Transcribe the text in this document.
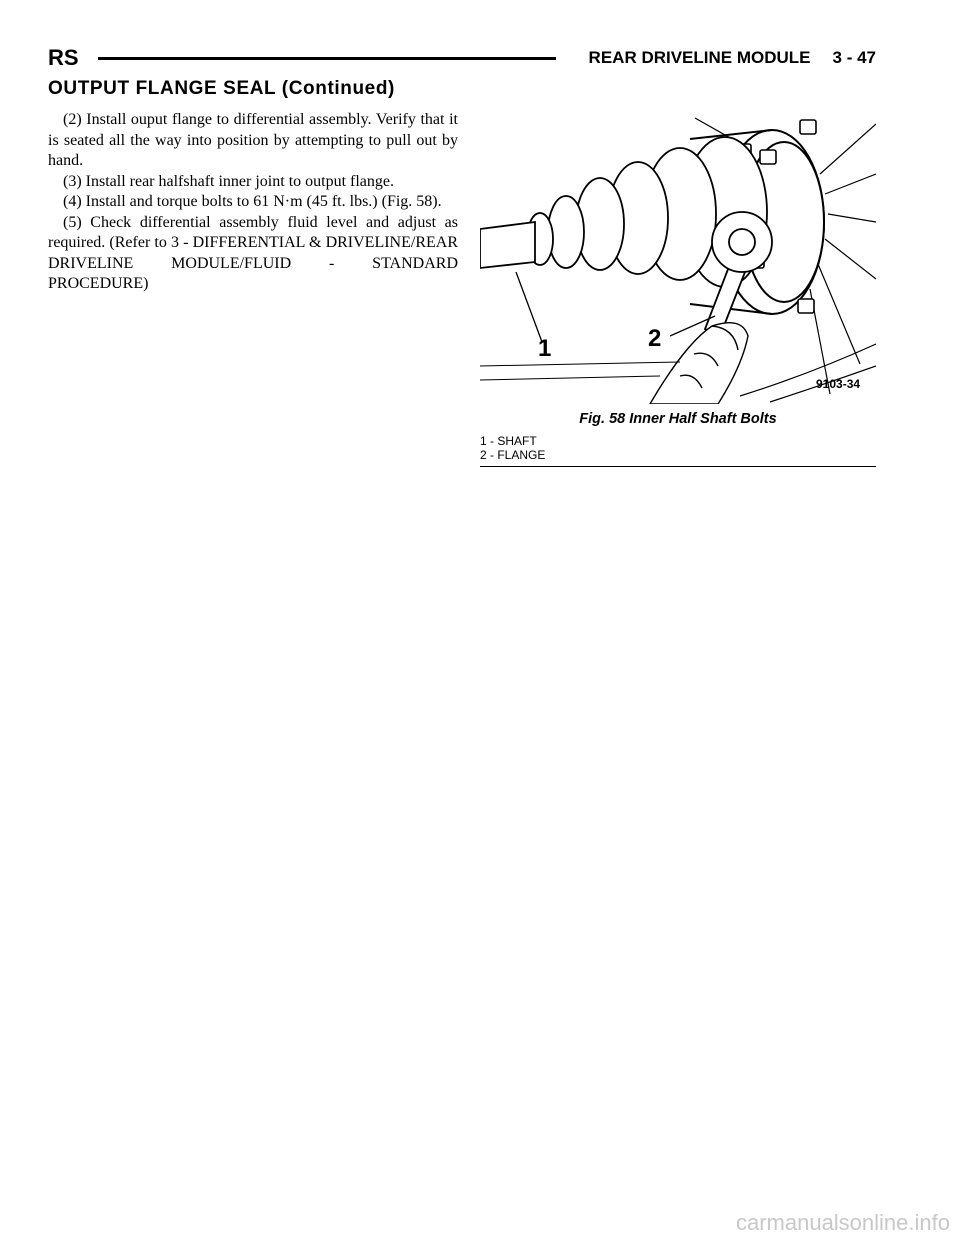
RS	REAR DRIVELINE MODULE 3 - 47
OUTPUT FLANGE SEAL (Continued)

(2) Install ouput flange to differential assembly. Verify that it is seated all the way into position by attempting to pull out by hand.

(3) Install rear halfshaft inner joint to output flange.

(4) Install and torque bolts to 61 N·m (45 ft. lbs.) (Fig. 58).

(5) Check differential assembly fluid level and adjust as required. (Refer to 3 - DIFFERENTIAL & DRIVELINE/REAR DRIVELINE MODULE/FLUID - STANDARD PROCEDURE)

1	2
9103-34
Fig. 58 Inner Half Shaft Bolts
1 - SHAFT
2 - FLANGE
carmanualsonline.info
